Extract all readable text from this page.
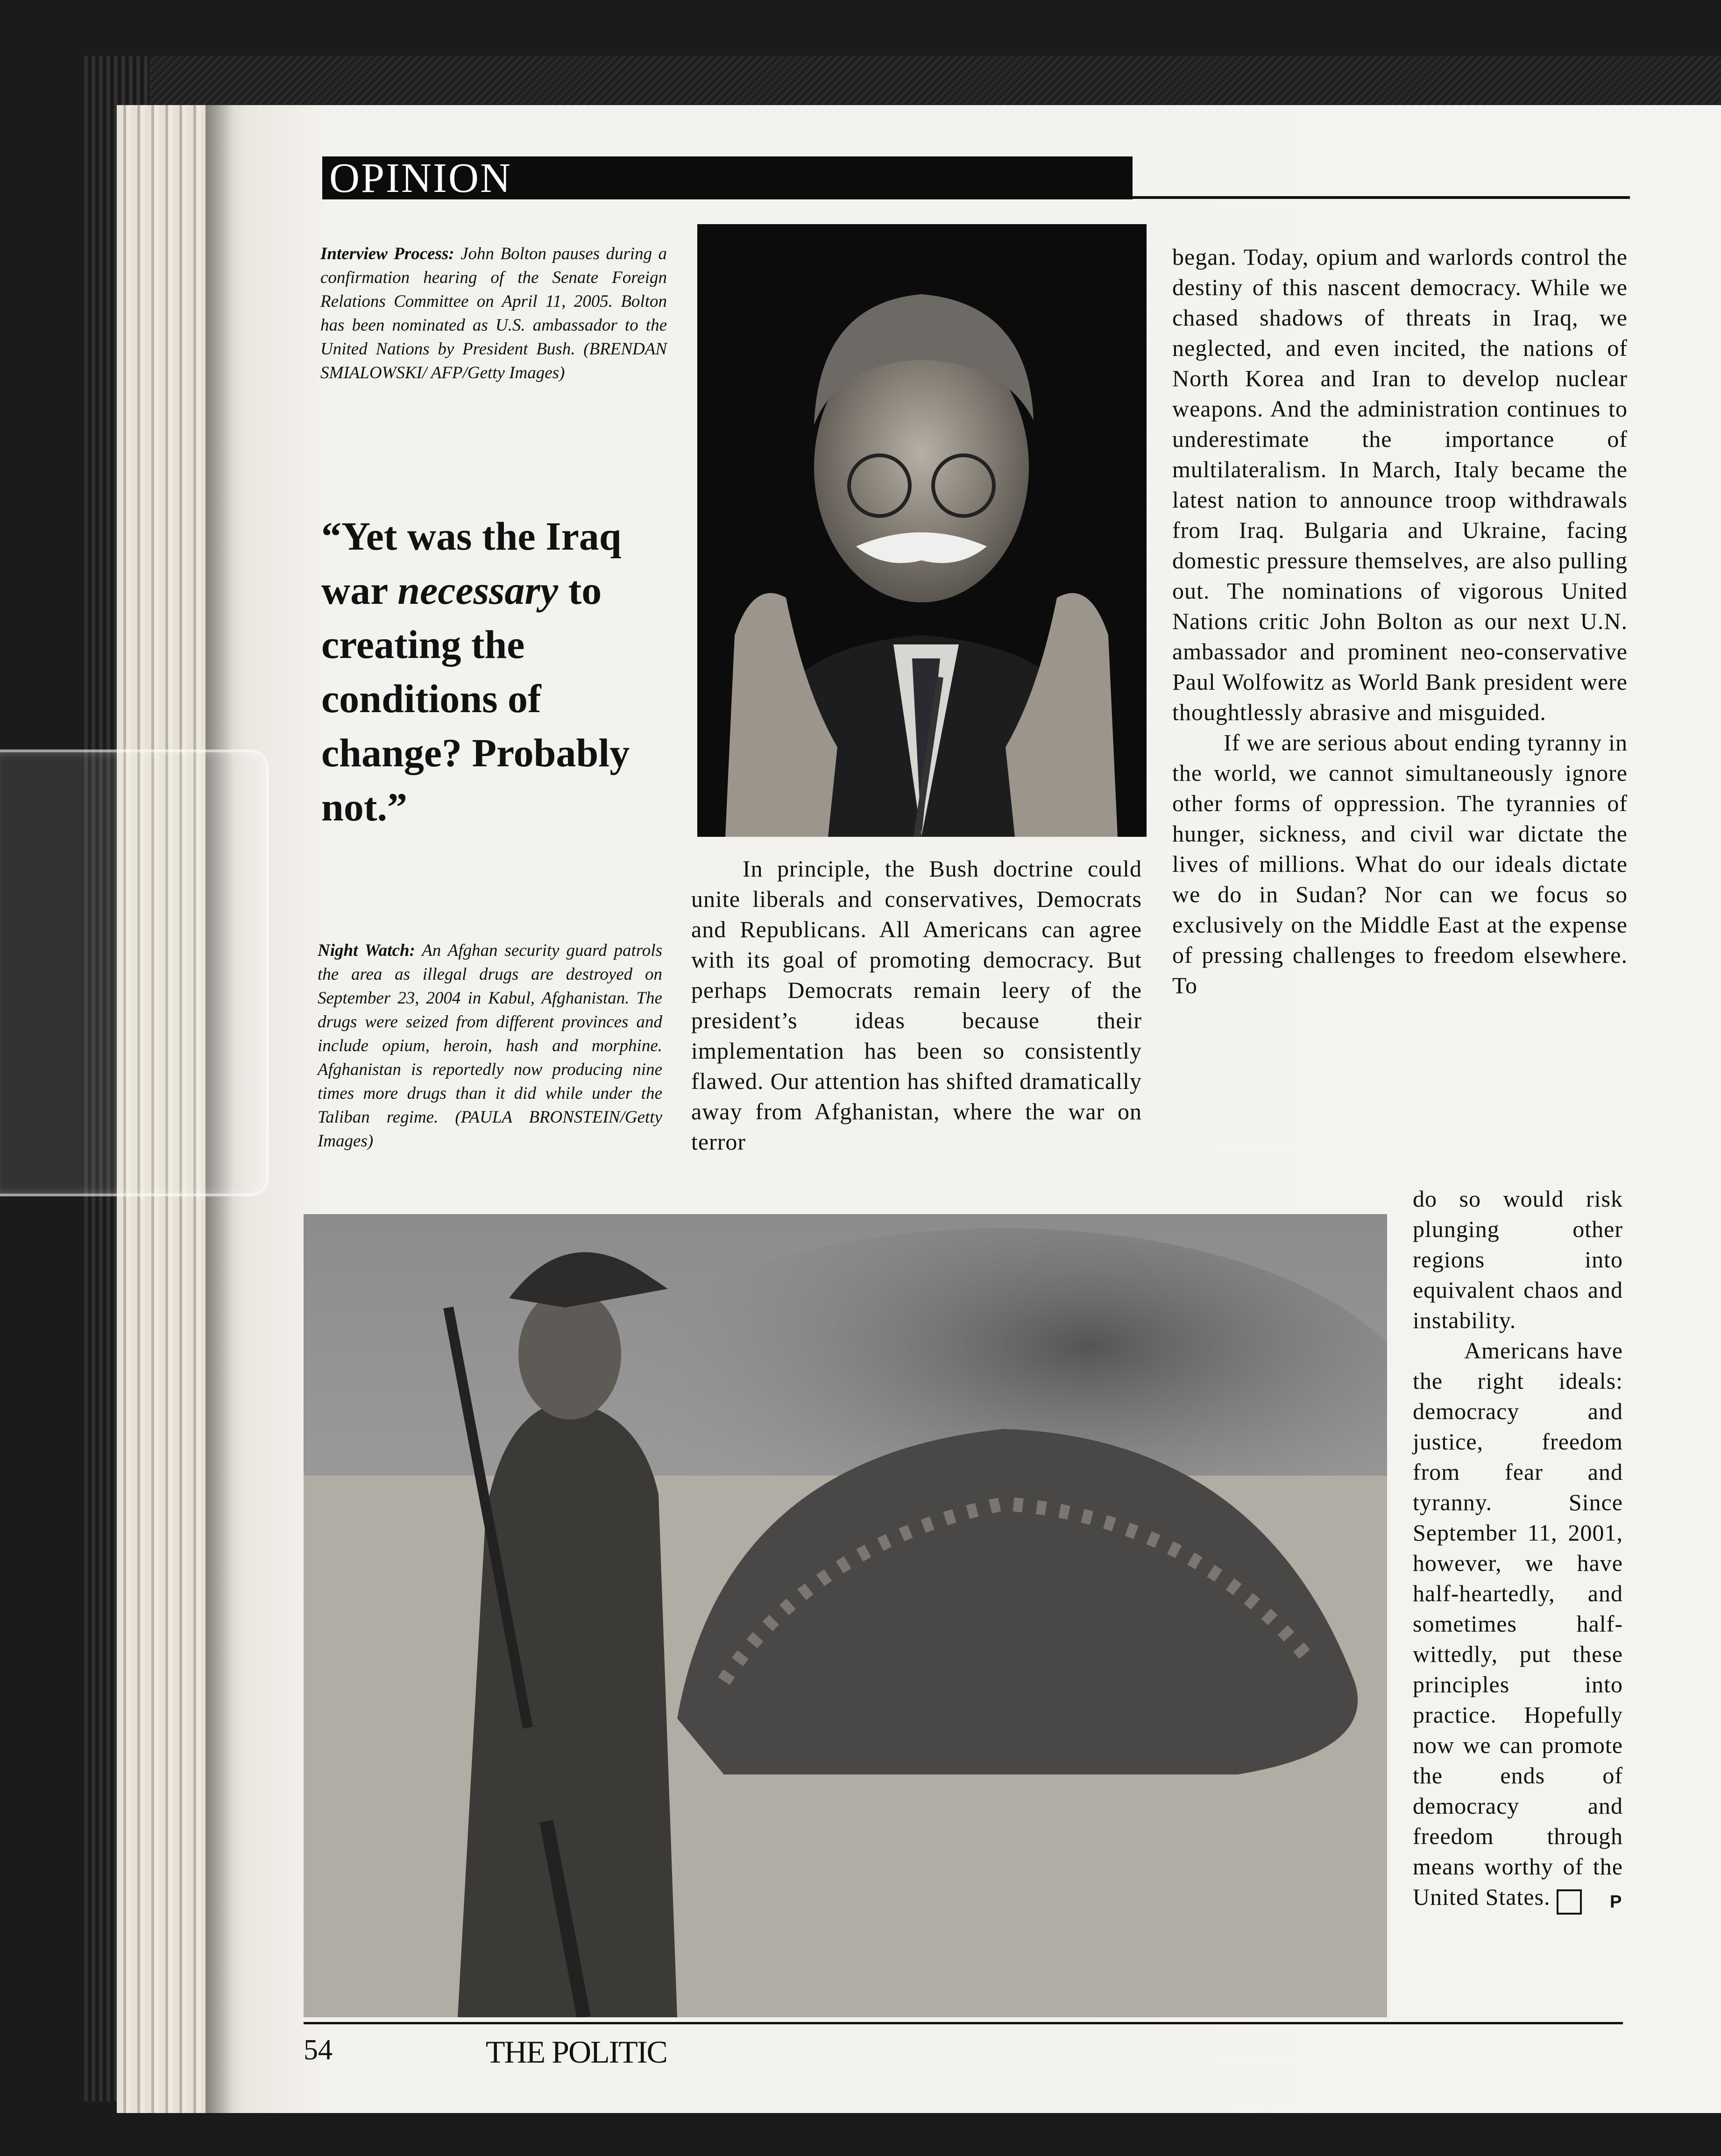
OPINION
Interview Process: John Bolton pauses during a confirmation hearing of the Senate Foreign Relations Committee on April 11, 2005. Bolton has been nominated as U.S. ambassador to the United Nations by President Bush. (BRENDAN SMIALOWSKI/ AFP/Getty Images)
“Yet was the Iraq war necessary to creating the conditions of change? Probably not.”
Night Watch: An Afghan security guard patrols the area as illegal drugs are destroyed on September 23, 2004 in Kabul, Afghanistan. The drugs were seized from different provinces and include opium, heroin, hash and morphine. Afghanistan is reportedly now producing nine times more drugs than it did while under the Taliban regime. (PAULA BRONSTEIN/Getty Images)

In principle, the Bush doctrine could unite liberals and conservatives, Democrats and Republicans. All Americans can agree with its goal of promoting democracy. But perhaps Democrats remain leery of the president’s ideas because their implementation has been so consistently flawed. Our attention has shifted dramatically away from Afghanistan, where the war on terror

began. Today, opium and warlords control the destiny of this nascent democracy. While we chased shadows of threats in Iraq, we neglected, and even incited, the nations of North Korea and Iran to develop nuclear weapons. And the administration continues to underestimate the importance of multilateralism. In March, Italy became the latest nation to announce troop withdrawals from Iraq. Bulgaria and Ukraine, facing domestic pressure themselves, are also pulling out. The nominations of vigorous United Nations critic John Bolton as our next U.N. ambassador and prominent neo-conservative Paul Wolfowitz as World Bank president were thoughtlessly abrasive and misguided.

If we are serious about ending tyranny in the world, we cannot simultaneously ignore other forms of oppression. The tyrannies of hunger, sickness, and civil war dictate the lives of millions. What do our ideals dictate we do in Sudan? Nor can we focus so exclusively on the Middle East at the expense of pressing challenges to freedom elsewhere. To

do so would risk plunging other regions into equivalent chaos and instability.

Americans have the right ideals: democracy and justice, freedom from fear and tyranny. Since September 11, 2001, however, we have half-heartedly, and sometimes half-wittedly, put these principles into practice. Hopefully now we can promote the ends of democracy and freedom through means worthy of the United States.	P

54	THE POLITIC
